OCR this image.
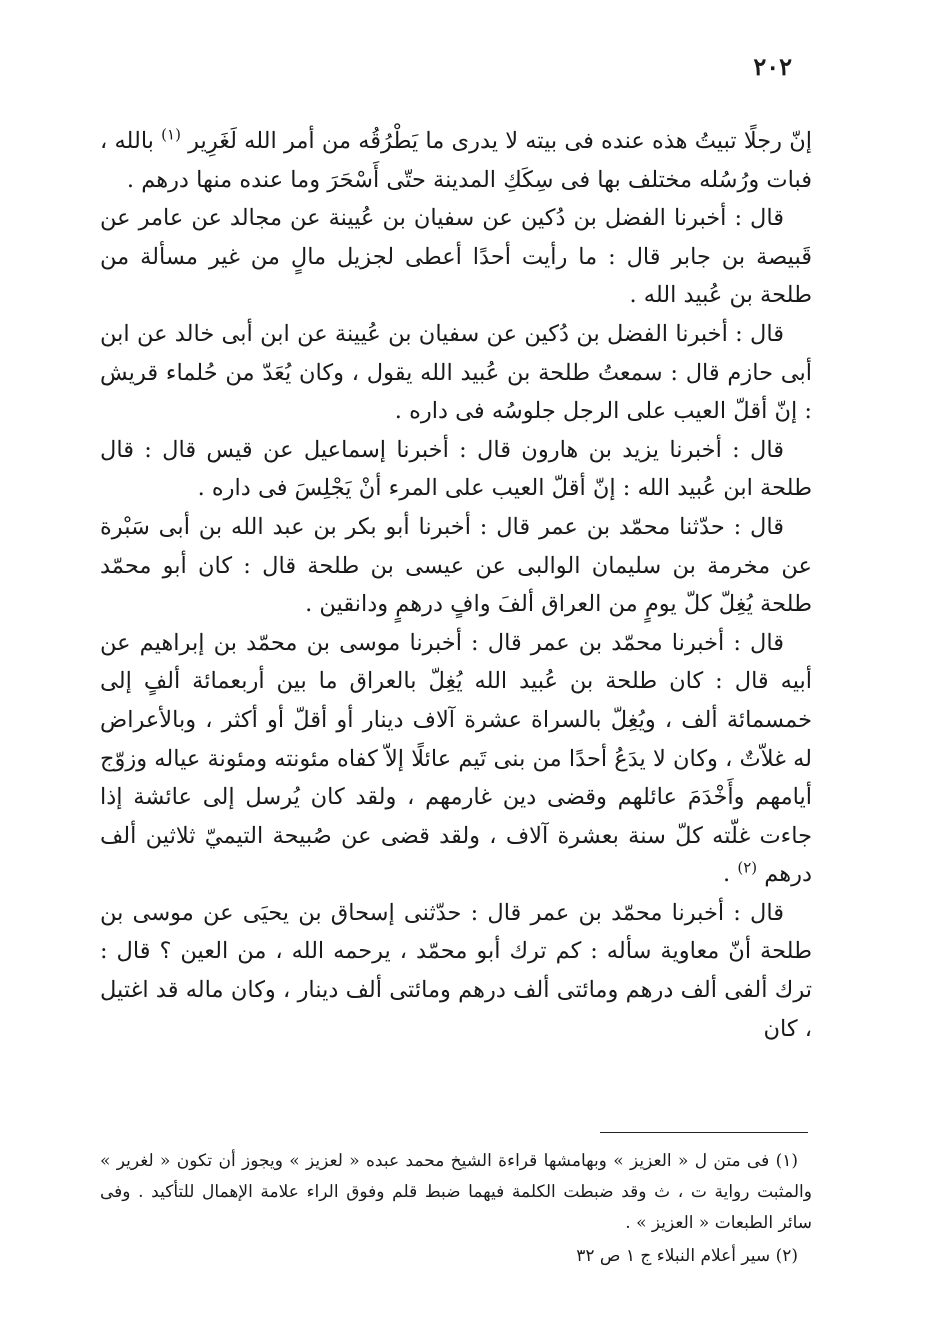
٢٠٢

إنّ رجلًا تبيتُ هذه عنده فى بيته لا يدرى ما يَطْرُقُه من أمر الله لَغَرِير $^{(١)}$ بالله ، فبات ورُسُله مختلف بها فى سِكَكِ المدينة حتّى أَسْحَرَ وما عنده منها درهم .

قال : أخبرنا الفضل بن دُكين عن سفيان بن عُيينة عن مجالد عن عامر عن قَبيصة بن جابر قال : ما رأيت أحدًا أعطى لجزيل مالٍ من غير مسألة من طلحة بن عُبيد الله .

قال : أخبرنا الفضل بن دُكين عن سفيان بن عُيينة عن ابن أبى خالد عن ابن أبى حازم قال : سمعتُ طلحة بن عُبيد الله يقول ، وكان يُعَدّ من حُلماء قريش : إنّ أقلّ العيب على الرجل جلوسُه فى داره .

قال : أخبرنا يزيد بن هارون قال : أخبرنا إسماعيل عن قيس قال : قال طلحة ابن عُبيد الله : إنّ أقلّ العيب على المرء أنْ يَجْلِسَ فى داره .

قال : حدّثنا محمّد بن عمر قال : أخبرنا أبو بكر بن عبد الله بن أبى سَبْرة عن مخرمة بن سليمان الوالبى عن عيسى بن طلحة قال : كان أبو محمّد طلحة يُغِلّ كلّ يومٍ من العراق ألفَ وافٍ درهمٍ ودانقين .

قال : أخبرنا محمّد بن عمر قال : أخبرنا موسى بن محمّد بن إبراهيم عن أبيه قال : كان طلحة بن عُبيد الله يُغِلّ بالعراق ما بين أربعمائة ألفٍ إلى خمسمائة ألف ، ويُغِلّ بالسراة عشرة آلاف دينار أو أقلّ أو أكثر ، وبالأعراض له غلاّتٌ ، وكان لا يدَعُ أحدًا من بنى تَيم عائلًا إلاّ كفاه مئونته ومئونة عياله وزوّج أيامهم وأَخْدَمَ عائلهم وقضى دين غارمهم ، ولقد كان يُرسل إلى عائشة إذا جاءت غلّته كلّ سنة بعشرة آلاف ، ولقد قضى عن صُبيحة التيميّ ثلاثين ألف درهم $^{(٢)}$ .

قال : أخبرنا محمّد بن عمر قال : حدّثنى إسحاق بن يحيَى عن موسى بن طلحة أنّ معاوية سأله : كم ترك أبو محمّد ، يرحمه الله ، من العين ؟ قال : ترك ألفى ألف درهم ومائتى ألف درهم ومائتى ألف دينار ، وكان ماله قد اغتيل ، كان

(١) فى متن ل « العزيز » وبهامشها قراءة الشيخ محمد عبده « لعزيز » ويجوز أن تكون « لغرير » والمثبت رواية ت ، ث وقد ضبطت الكلمة فيهما ضبط قلم وفوق الراء علامة الإهمال للتأكيد . وفى سائر الطبعات « العزيز » .

(٢) سير أعلام النبلاء ج ١ ص ٣٢
